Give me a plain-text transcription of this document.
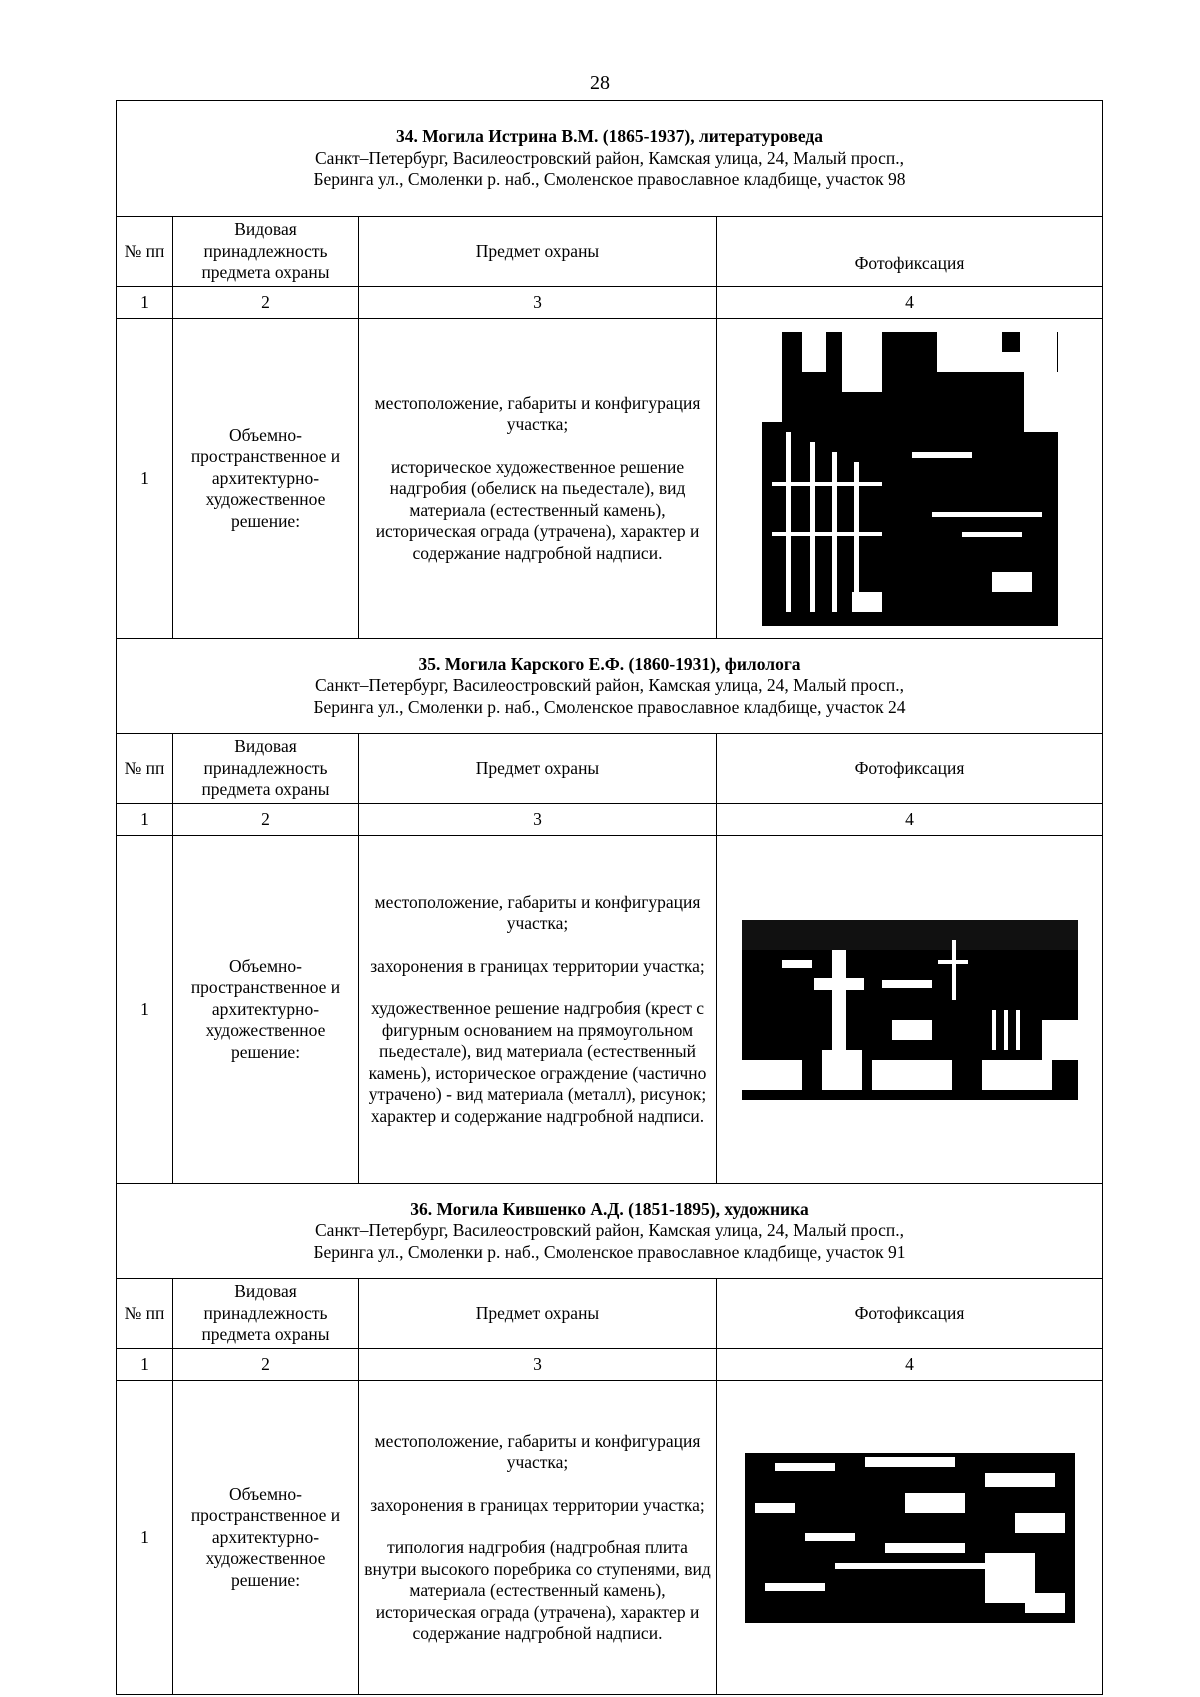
28
34. Могила Истрина В.М. (1865-1937), литературоведа
Санкт–Петербург, Василеостровский район, Камская улица, 24, Малый просп.,
Беринга ул., Смоленки р. наб., Смоленское православное кладбище, участок 98			

№ пп	Видовая принадлежность предмета охраны	Предмет охраны	Фотофиксация
1	2	3	4
1	Объемно-пространственное и архитектурно-художественное решение:	местоположение, габариты и конфигурация участка;
историческое художественное решение надгробия (обелиск на пьедестале), вид материала (естественный камень), историческая ограда (утрачена), характер и содержание надгробной надписи.

35. Могила Карского Е.Ф. (1860-1931), филолога
Санкт–Петербург, Василеостровский район, Камская улица, 24, Малый просп.,
Беринга ул., Смоленки р. наб., Смоленское православное кладбище, участок 24			

№ пп	Видовая принадлежность предмета охраны	Предмет охраны	Фотофиксация
1	2	3	4
1	Объемно-пространственное и архитектурно-художественное решение:	местоположение, габариты и конфигурация участка;
захоронения в границах территории участка;
художественное решение надгробия (крест с фигурным основанием на прямоугольном пьедестале), вид материала (естественный камень), историческое ограждение (частично утрачено) - вид материала (металл), рисунок;
характер и содержание надгробной надписи.

36. Могила Кившенко А.Д. (1851-1895), художника
Санкт–Петербург, Василеостровский район, Камская улица, 24, Малый просп.,
Беринга ул., Смоленки р. наб., Смоленское православное кладбище, участок 91			

№ пп	Видовая принадлежность предмета охраны	Предмет охраны	Фотофиксация
1	2	3	4
1	Объемно-пространственное и архитектурно-художественное решение:	местоположение, габариты и конфигурация участка;
захоронения в границах территории участка;
типология надгробия (надгробная плита внутри высокого поребрика со ступенями, вид материала (естественный камень), историческая ограда (утрачена), характер и содержание надгробной надписи.
